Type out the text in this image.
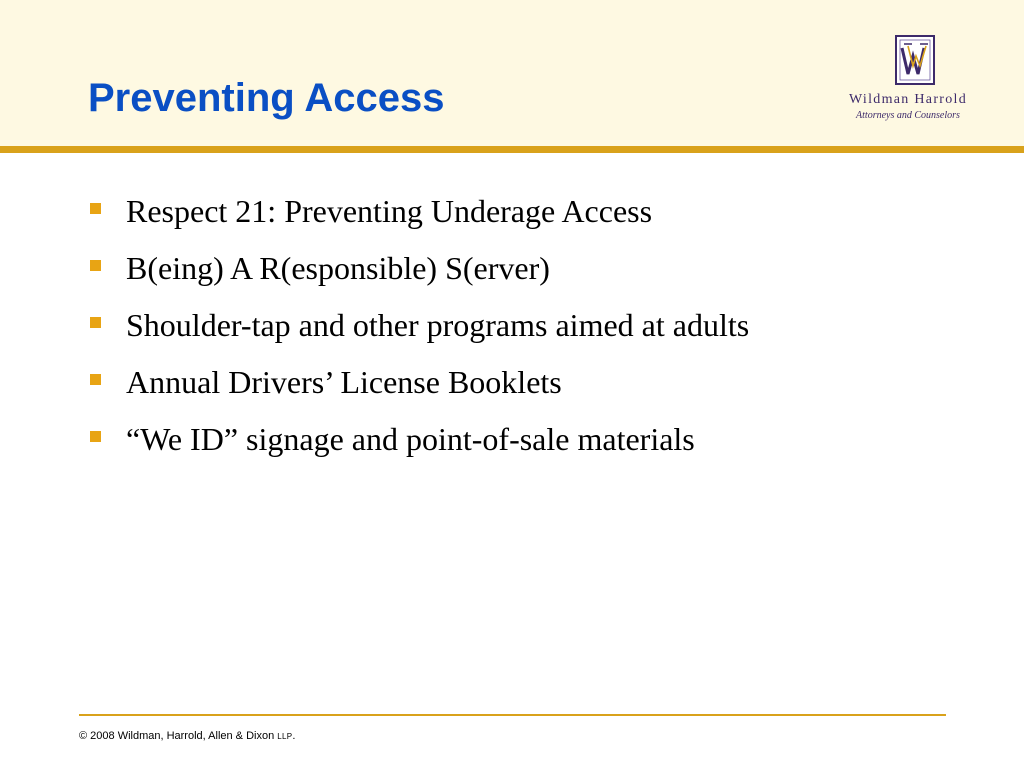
Preventing Access	Wildman Harrold
Attorneys and Counselors
Respect 21: Preventing Underage Access
B(eing) A R(esponsible) S(erver)
Shoulder-tap and other programs aimed at adults
Annual Drivers’ License Booklets
“We ID” signage and point-of-sale materials
© 2008 Wildman, Harrold, Allen & Dixon LLP.
